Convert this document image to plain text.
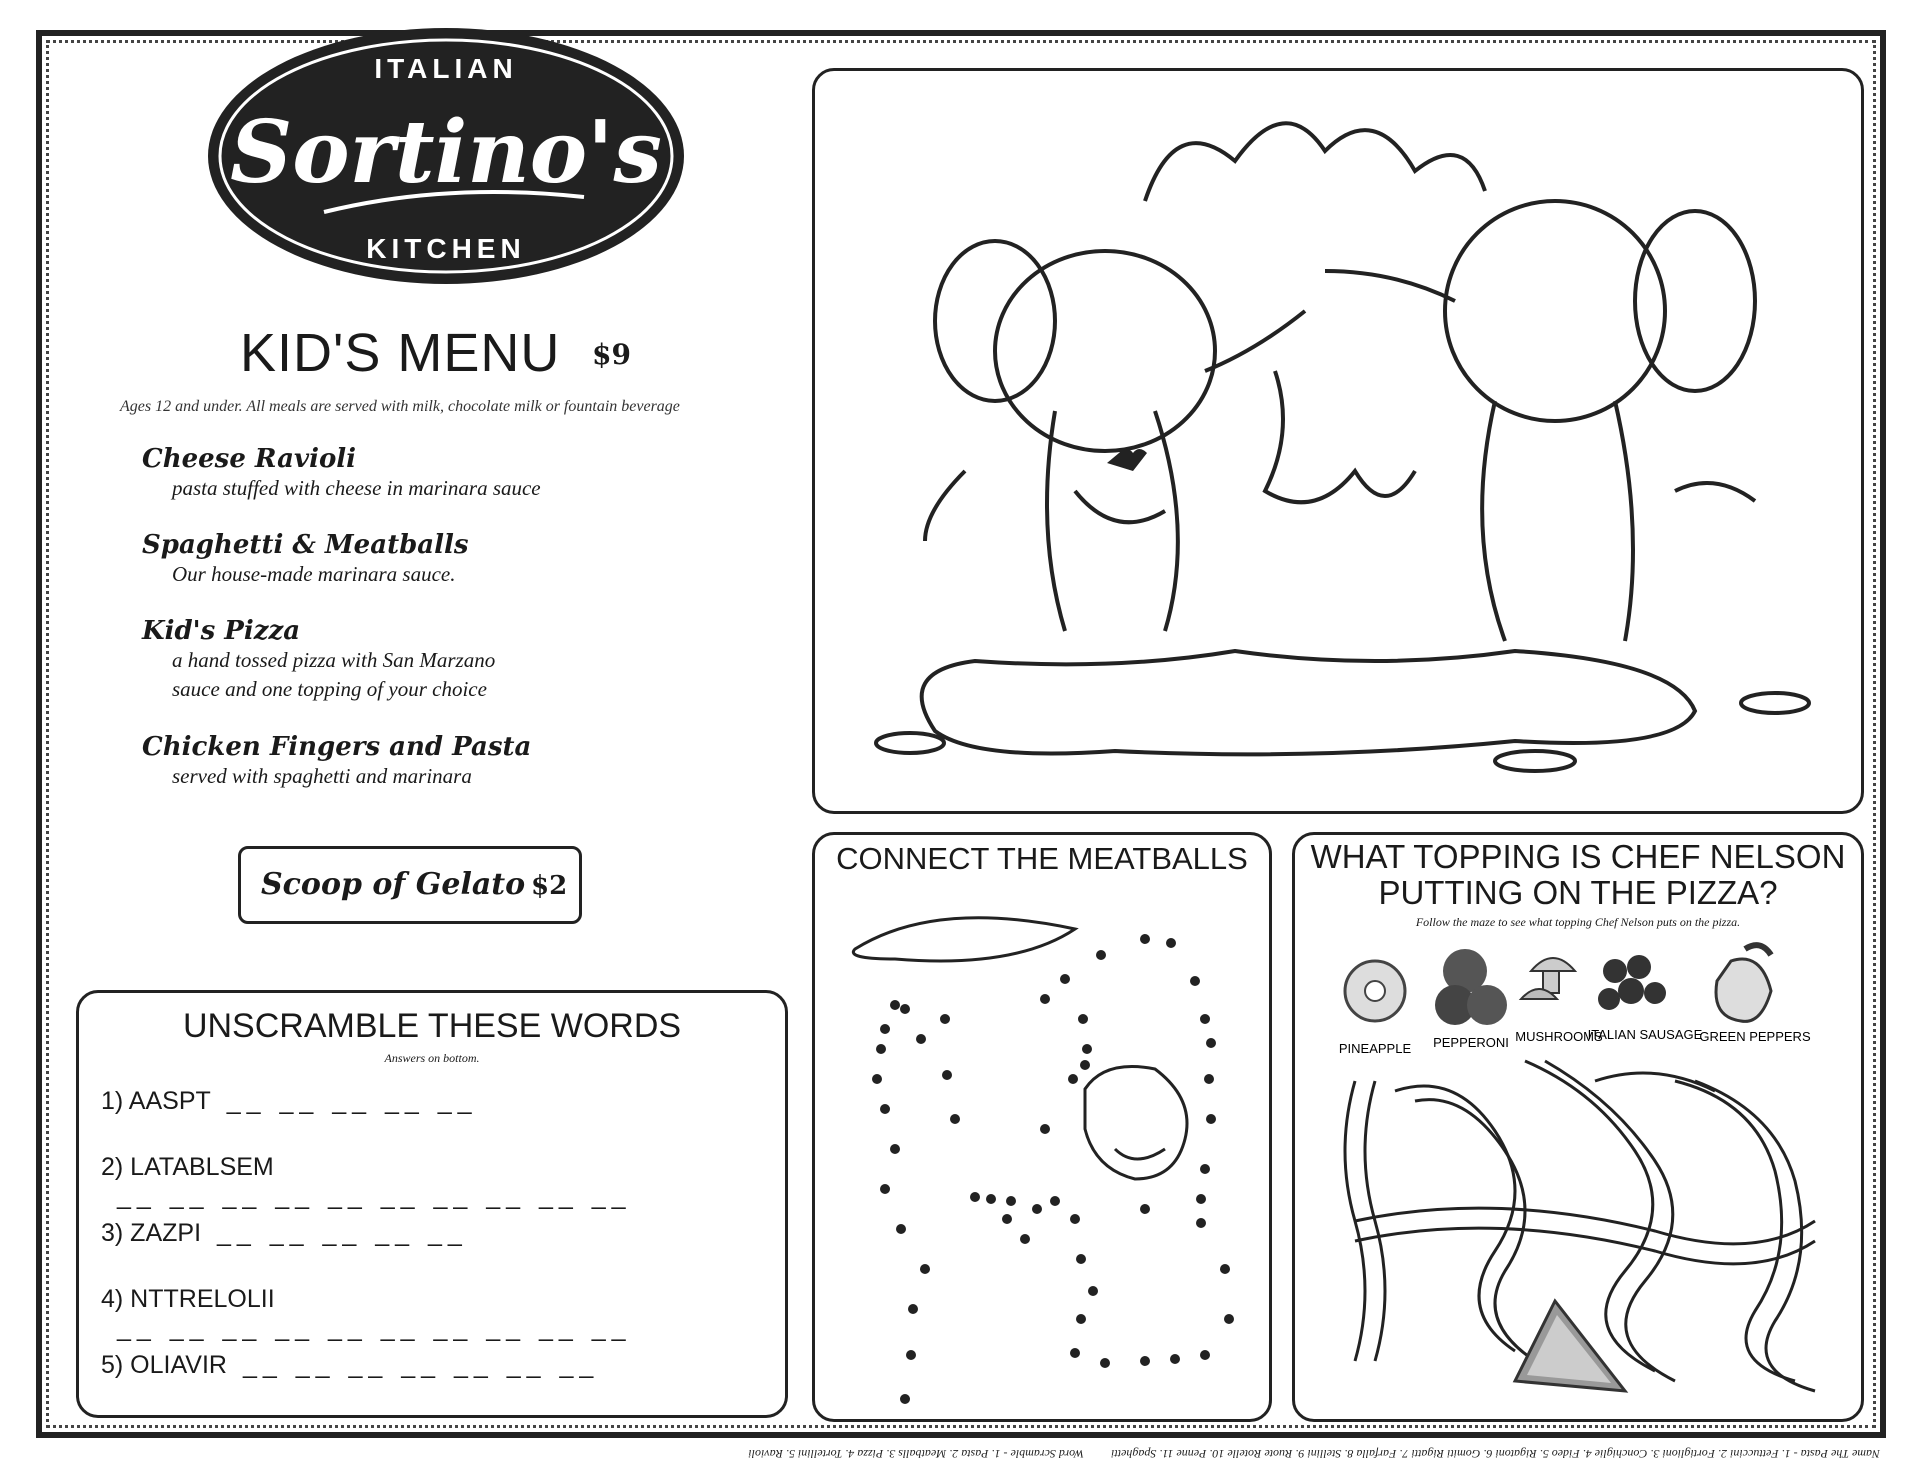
ITALIAN
Sortino's
KITCHEN
KID'S MENU $9
Ages 12 and under. All meals are served with milk, chocolate milk or fountain beverage
Cheese Ravioli
pasta stuffed with cheese in marinara sauce
Spaghetti & Meatballs
Our house-made marinara sauce.
Kid's Pizza
a hand tossed pizza with San Marzano
sauce and one topping of your choice
Chicken Fingers and Pasta
served with spaghetti and marinara
Scoop of Gelato $2
UNSCRAMBLE THESE WORDS
Answers on bottom.
1) AASPT __ __ __ __ __
2) LATABLSEM__ __ __ __ __ __ __ __ __ __
3) ZAZPI __ __ __ __ __
4) NTTRELOLII__ __ __ __ __ __ __ __ __ __
5) OLIAVIR __ __ __ __ __ __ __
CONNECT THE MEATBALLS	WHAT TOPPING IS CHEF NELSON
PUTTING ON THE PIZZA?
Follow the maze to see what topping Chef Nelson puts on the pizza.
PINEAPPLE PEPPERONI MUSHROOMS
ITALIAN SAUSAGE
GREEN PEPPERS
Name The Pasta - 1. Fettuccini 2. Fortiglioni 3. Conchiglie 4. Fideo 5. Rigatoni 6. Gomiti Rigatti 7. Farfalla 8. Stellini 9. Ruote Rotelle 10. Penne 11. Spaghetti Word Scramble - 1. Pasta 2. Meatballs 3. Pizza 4. Tortellini 5. Ravioli
